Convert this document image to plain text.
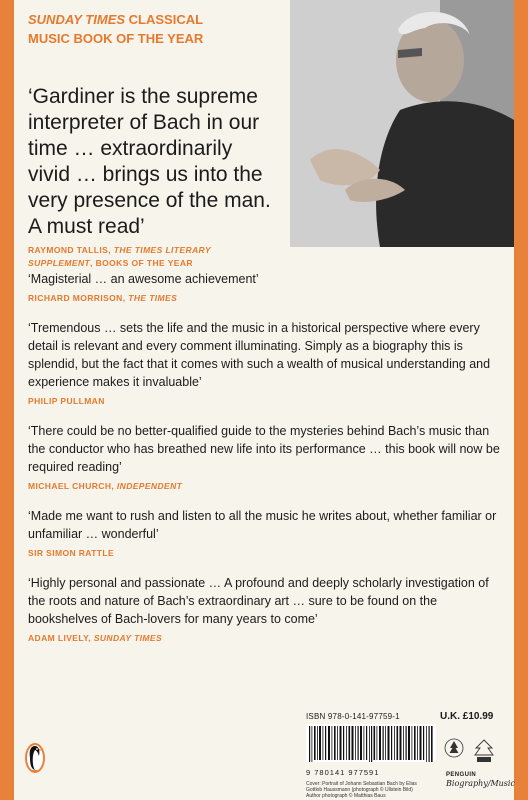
SUNDAY TIMES CLASSICAL
MUSIC BOOK OF THE YEAR
‘Gardiner is the supreme interpreter of Bach in our time … extraordinarily vivid … brings us into the very presence of the man. A must read’
RAYMOND TALLIS, THE TIMES LITERARY SUPPLEMENT, BOOKS OF THE YEAR
‘Magisterial … an awesome achievement’
RICHARD MORRISON, THE TIMES
‘Tremendous … sets the life and the music in a historical perspective where every detail is relevant and every comment illuminating. Simply as a biography this is splendid, but the fact that it comes with such a wealth of musical understanding and experience makes it invaluable’
PHILIP PULLMAN
‘There could be no better-qualified guide to the mysteries behind Bach’s music than the conductor who has breathed new life into its performance … this book will now be required reading’
MICHAEL CHURCH, INDEPENDENT
‘Made me want to rush and listen to all the music he writes about, whether familiar or unfamiliar … wonderful’
SIR SIMON RATTLE
‘Highly personal and passionate … A profound and deeply scholarly investigation of the roots and nature of Bach’s extraordinary art … sure to be found on the bookshelves of Bach-lovers for many years to come’
ADAM LIVELY, SUNDAY TIMES
ISBN 978-0-141-97759-1
9 780141 977591
Cover: Portrait of Johann Sebastian Bach by Elias
Gottlob Haussmann (photograph © Ullstein Bild)
Author photograph © Matthias Baus
U.K. £10.99
PENGUIN
Biography/Music
